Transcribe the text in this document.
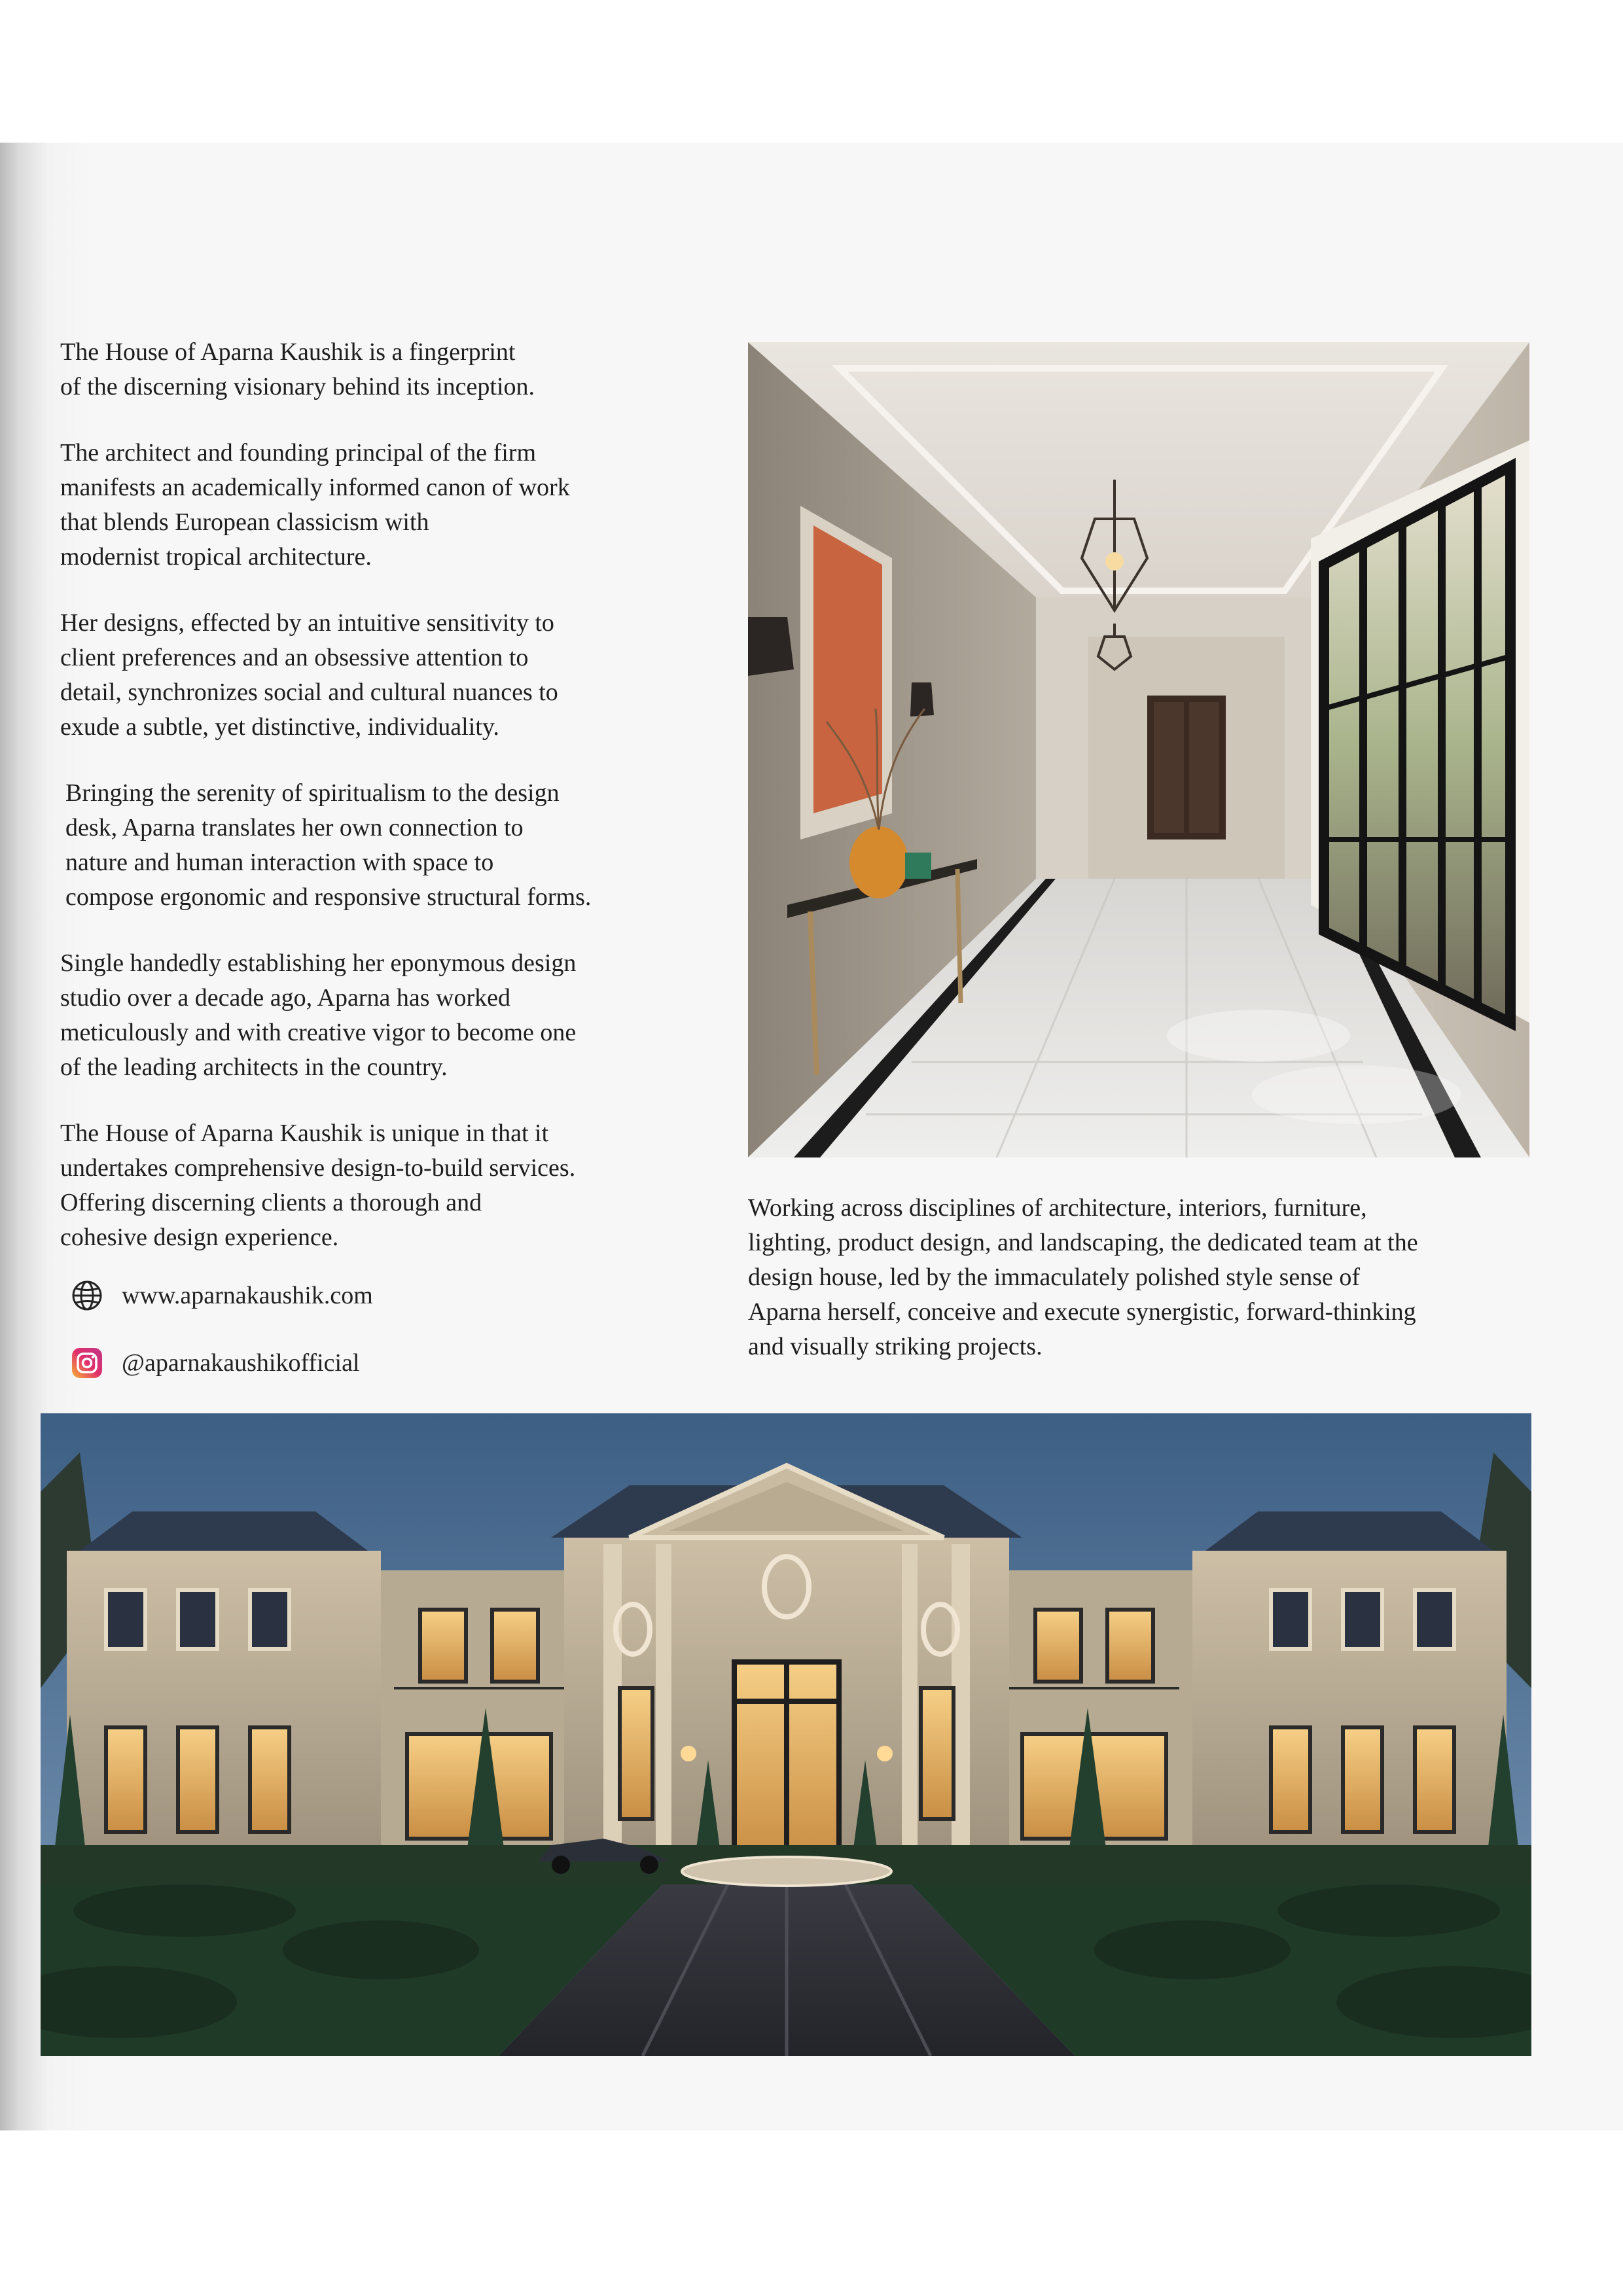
The House of Aparna Kaushik is a fingerprint
of the discerning visionary behind its inception.

The architect and founding principal of the firm
manifests an academically informed canon of work
that blends European classicism with
modernist tropical architecture.

Her designs, effected by an intuitive sensitivity to
client preferences and an obsessive attention to
detail, synchronizes social and cultural nuances to
exude a subtle, yet distinctive, individuality.

Bringing the serenity of spiritualism to the design
desk, Aparna translates her own connection to
nature and human interaction with space to
compose ergonomic and responsive structural forms.

Single handedly establishing her eponymous design
studio over a decade ago, Aparna has worked
meticulously and with creative vigor to become one
of the leading architects in the country.

The House of Aparna Kaushik is unique in that it
undertakes comprehensive design-to-build services.
Offering discerning clients a thorough and
cohesive design experience.

www.aparnakaushik.com
@aparnakaushikofficial
Working across disciplines of architecture, interiors, furniture,
lighting, product design, and landscaping, the dedicated team at the
design house, led by the immaculately polished style sense of
Aparna herself, conceive and execute synergistic, forward-thinking
and visually striking projects.
